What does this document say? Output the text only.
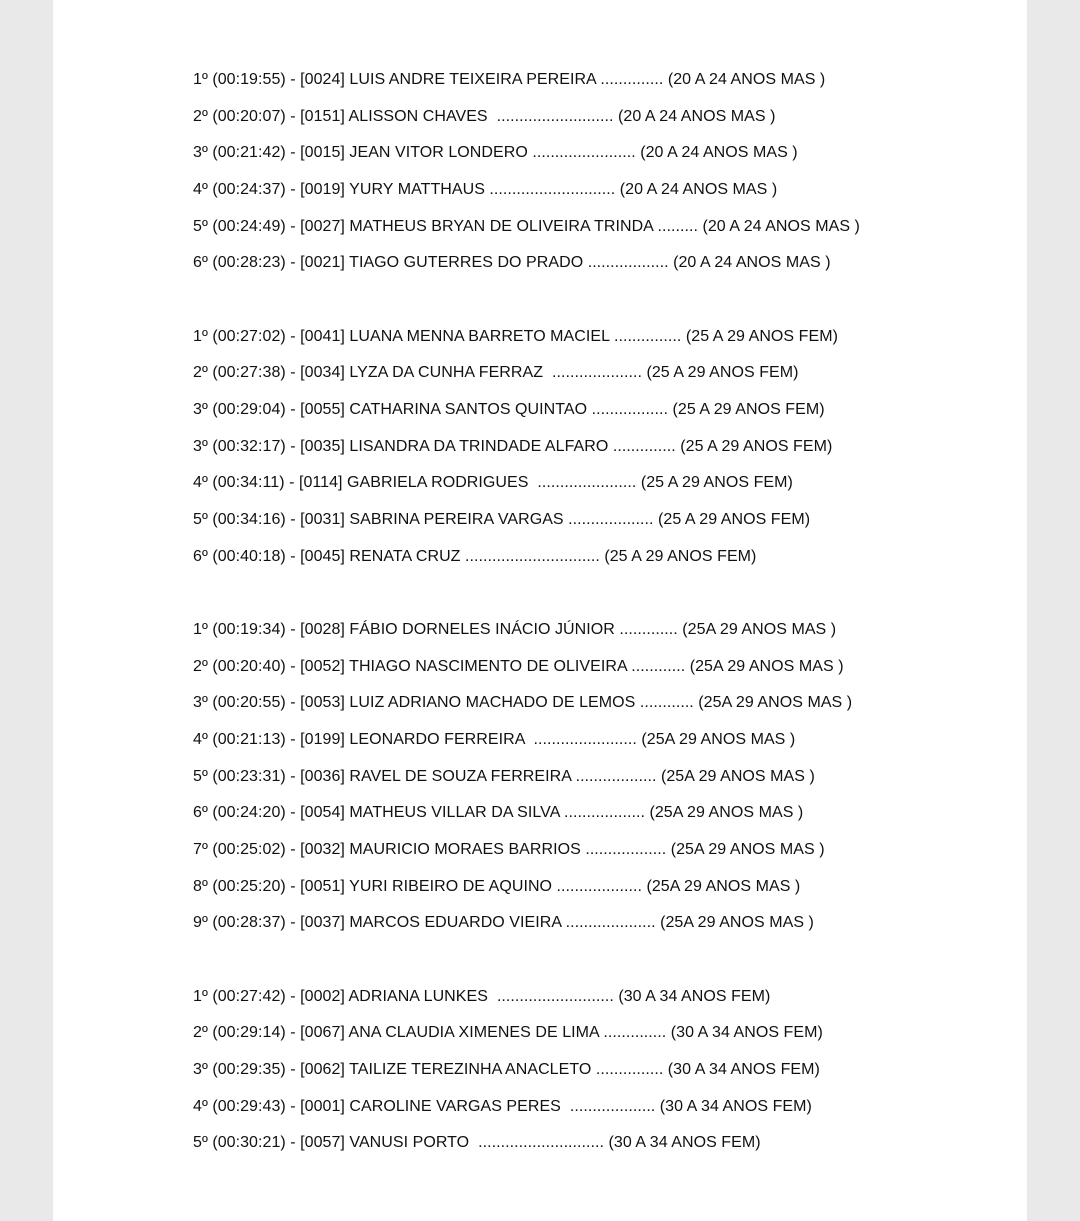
1º (00:19:55) - [0024] LUIS ANDRE TEIXEIRA PEREIRA .............. (20 A 24 ANOS MAS )
2º (00:20:07) - [0151] ALISSON CHAVES  .......................... (20 A 24 ANOS MAS )
3º (00:21:42) - [0015] JEAN VITOR LONDERO ....................... (20 A 24 ANOS MAS )
4º (00:24:37) - [0019] YURY MATTHAUS ............................ (20 A 24 ANOS MAS )
5º (00:24:49) - [0027] MATHEUS BRYAN DE OLIVEIRA TRINDA ......... (20 A 24 ANOS MAS )
6º (00:28:23) - [0021] TIAGO GUTERRES DO PRADO .................. (20 A 24 ANOS MAS )
1º (00:27:02) - [0041] LUANA MENNA BARRETO MACIEL ............... (25 A 29 ANOS FEM)
2º (00:27:38) - [0034] LYZA DA CUNHA FERRAZ  .................... (25 A 29 ANOS FEM)
3º (00:29:04) - [0055] CATHARINA SANTOS QUINTAO ................. (25 A 29 ANOS FEM)
3º (00:32:17) - [0035] LISANDRA DA TRINDADE ALFARO .............. (25 A 29 ANOS FEM)
4º (00:34:11) - [0114] GABRIELA RODRIGUES  ...................... (25 A 29 ANOS FEM)
5º (00:34:16) - [0031] SABRINA PEREIRA VARGAS ................... (25 A 29 ANOS FEM)
6º (00:40:18) - [0045] RENATA CRUZ .............................. (25 A 29 ANOS FEM)
1º (00:19:34) - [0028] FÁBIO DORNELES INÁCIO JÚNIOR ............. (25A 29 ANOS MAS )
2º (00:20:40) - [0052] THIAGO NASCIMENTO DE OLIVEIRA ............ (25A 29 ANOS MAS )
3º (00:20:55) - [0053] LUIZ ADRIANO MACHADO DE LEMOS ............ (25A 29 ANOS MAS )
4º (00:21:13) - [0199] LEONARDO FERREIRA  ....................... (25A 29 ANOS MAS )
5º (00:23:31) - [0036] RAVEL DE SOUZA FERREIRA .................. (25A 29 ANOS MAS )
6º (00:24:20) - [0054] MATHEUS VILLAR DA SILVA .................. (25A 29 ANOS MAS )
7º (00:25:02) - [0032] MAURICIO MORAES BARRIOS .................. (25A 29 ANOS MAS )
8º (00:25:20) - [0051] YURI RIBEIRO DE AQUINO ................... (25A 29 ANOS MAS )
9º (00:28:37) - [0037] MARCOS EDUARDO VIEIRA .................... (25A 29 ANOS MAS )
1º (00:27:42) - [0002] ADRIANA LUNKES  .......................... (30 A 34 ANOS FEM)
2º (00:29:14) - [0067] ANA CLAUDIA XIMENES DE LIMA .............. (30 A 34 ANOS FEM)
3º (00:29:35) - [0062] TAILIZE TEREZINHA ANACLETO ............... (30 A 34 ANOS FEM)
4º (00:29:43) - [0001] CAROLINE VARGAS PERES  ................... (30 A 34 ANOS FEM)
5º (00:30:21) - [0057] VANUSI PORTO  ............................ (30 A 34 ANOS FEM)
